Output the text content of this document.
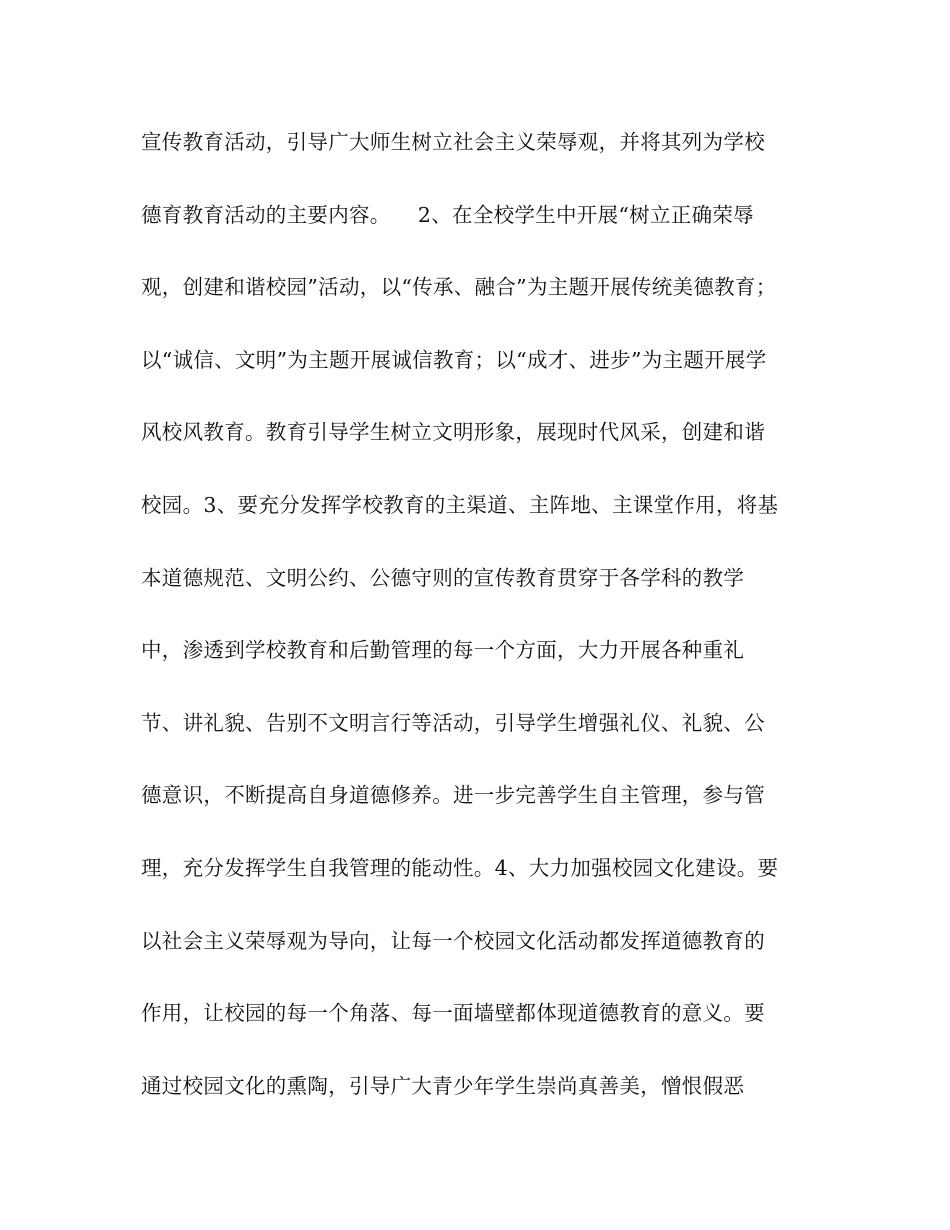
宣传教育活动，引导广大师生树立社会主义荣辱观，并将其列为学校
德育教育活动的主要内容。    2、在全校学生中开展“树立正确荣辱
观，创建和谐校园”活动，以“传承、融合”为主题开展传统美德教育；
以“诚信、文明”为主题开展诚信教育；以“成才、进步”为主题开展学
风校风教育。教育引导学生树立文明形象，展现时代风采，创建和谐
校园。3、要充分发挥学校教育的主渠道、主阵地、主课堂作用，将基
本道德规范、文明公约、公德守则的宣传教育贯穿于各学科的教学
中，渗透到学校教育和后勤管理的每一个方面，大力开展各种重礼
节、讲礼貌、告别不文明言行等活动，引导学生增强礼仪、礼貌、公
德意识，不断提高自身道德修养。进一步完善学生自主管理，参与管
理，充分发挥学生自我管理的能动性。4、大力加强校园文化建设。要
以社会主义荣辱观为导向，让每一个校园文化活动都发挥道德教育的
作用，让校园的每一个角落、每一面墙壁都体现道德教育的意义。要
通过校园文化的熏陶，引导广大青少年学生崇尚真善美，憎恨假恶
